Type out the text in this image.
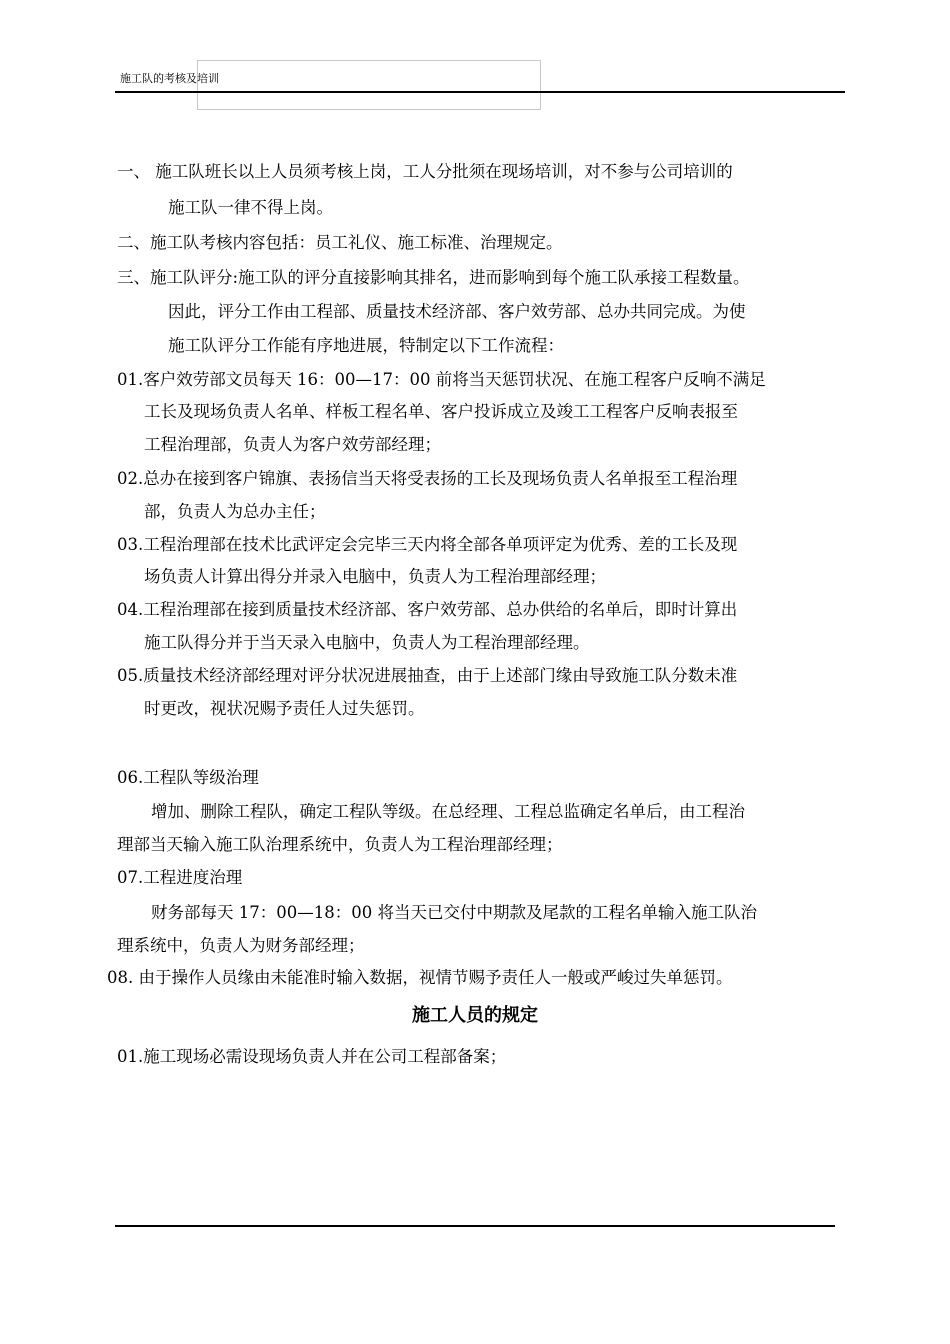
施工队的考核及培训
一、 施工队班长以上人员须考核上岗，工人分批须在现场培训，对不参与公司培训的
施工队一律不得上岗。
二、施工队考核内容包括：员工礼仪、施工标准、治理规定。
三、施工队评分:施工队的评分直接影响其排名，进而影响到每个施工队承接工程数量。
因此，评分工作由工程部、质量技术经济部、客户效劳部、总办共同完成。为使
施工队评分工作能有序地进展，特制定以下工作流程：
01.客户效劳部文员每天 16：00—17：00 前将当天惩罚状况、在施工程客户反响不满足
工长及现场负责人名单、样板工程名单、客户投诉成立及竣工工程客户反响表报至
工程治理部，负责人为客户效劳部经理；
02.总办在接到客户锦旗、表扬信当天将受表扬的工长及现场负责人名单报至工程治理
部，负责人为总办主任；
03.工程治理部在技术比武评定会完毕三天内将全部各单项评定为优秀、差的工长及现
场负责人计算出得分并录入电脑中，负责人为工程治理部经理；
04.工程治理部在接到质量技术经济部、客户效劳部、总办供给的名单后，即时计算出
施工队得分并于当天录入电脑中，负责人为工程治理部经理。
05.质量技术经济部经理对评分状况进展抽查，由于上述部门缘由导致施工队分数未准
时更改，视状况赐予责任人过失惩罚。
06.工程队等级治理
增加、删除工程队，确定工程队等级。在总经理、工程总监确定名单后，由工程治
理部当天输入施工队治理系统中，负责人为工程治理部经理；
07.工程进度治理
财务部每天 17：00—18：00 将当天已交付中期款及尾款的工程名单输入施工队治
理系统中，负责人为财务部经理；
08. 由于操作人员缘由未能准时输入数据，视情节赐予责任人一般或严峻过失单惩罚。
施工人员的规定
01.施工现场必需设现场负责人并在公司工程部备案；
